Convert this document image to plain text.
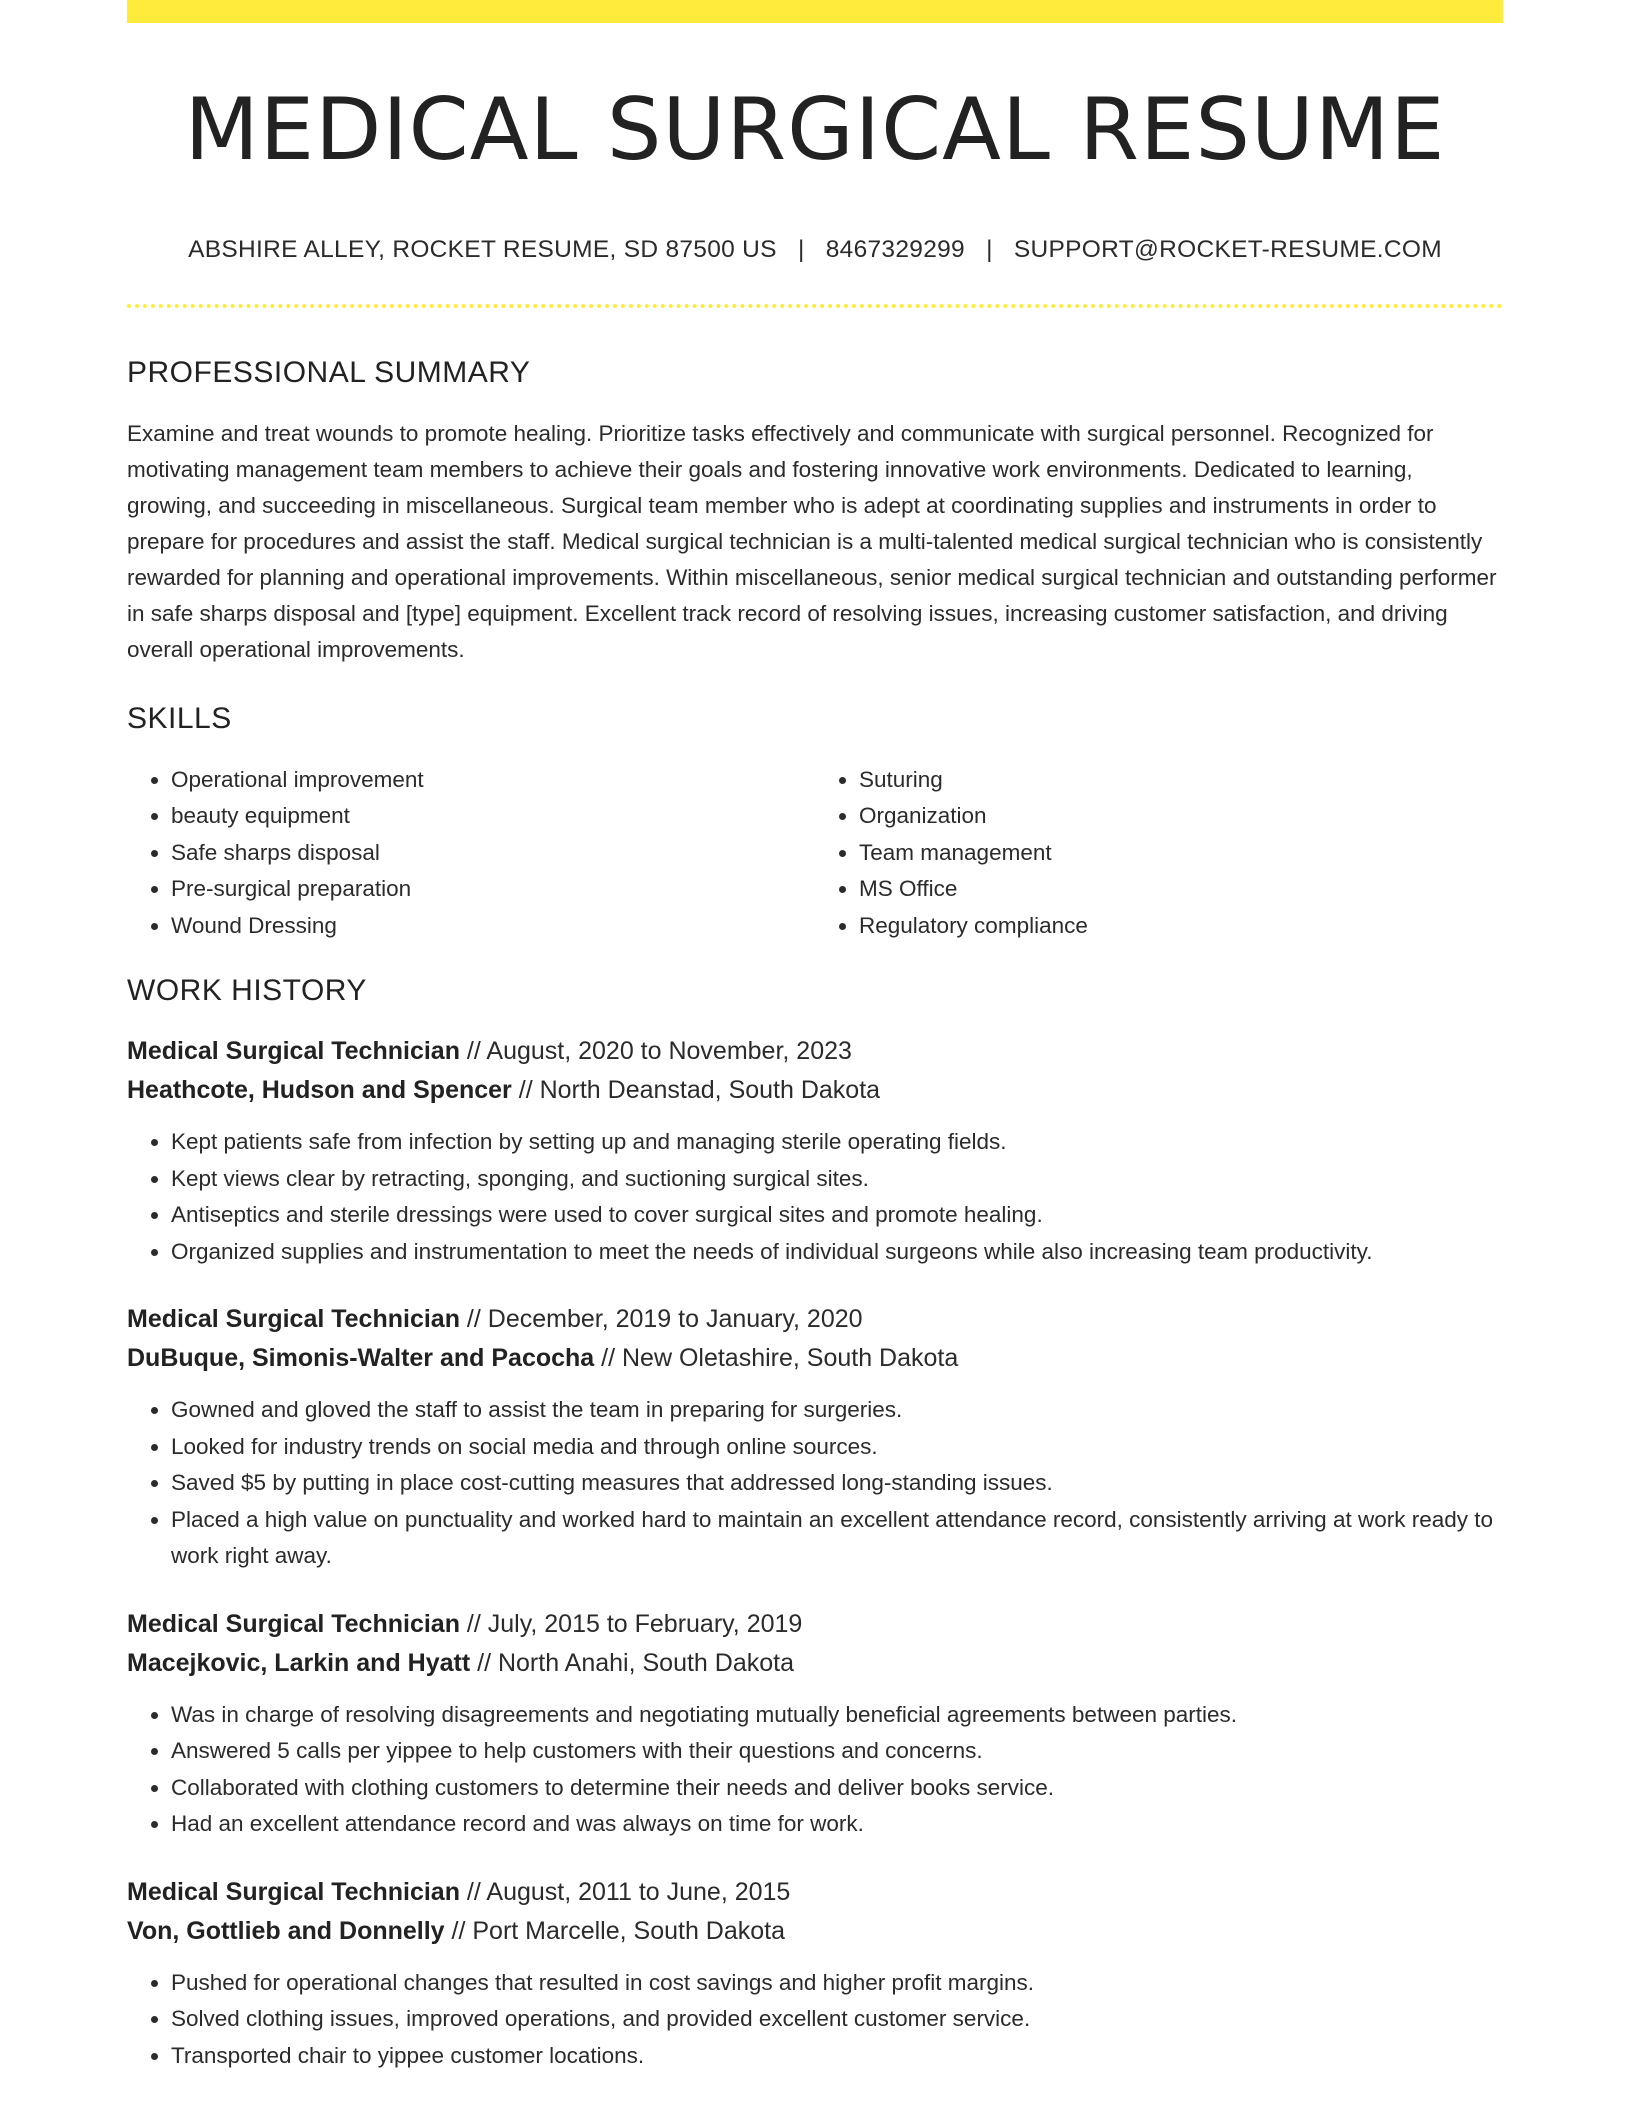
MEDICAL SURGICAL RESUME
ABSHIRE ALLEY, ROCKET RESUME, SD 87500 US | 8467329299 | SUPPORT@ROCKET-RESUME.COM
PROFESSIONAL SUMMARY
Examine and treat wounds to promote healing. Prioritize tasks effectively and communicate with surgical personnel. Recognized for motivating management team members to achieve their goals and fostering innovative work environments. Dedicated to learning, growing, and succeeding in miscellaneous. Surgical team member who is adept at coordinating supplies and instruments in order to prepare for procedures and assist the staff. Medical surgical technician is a multi-talented medical surgical technician who is consistently rewarded for planning and operational improvements. Within miscellaneous, senior medical surgical technician and outstanding performer in safe sharps disposal and [type] equipment. Excellent track record of resolving issues, increasing customer satisfaction, and driving overall operational improvements.
SKILLS
• Operational improvement
• beauty equipment
• Safe sharps disposal
• Pre-surgical preparation
• Wound Dressing
• Suturing
• Organization
• Team management
• MS Office
• Regulatory compliance
WORK HISTORY
Medical Surgical Technician // August, 2020 to November, 2023
Heathcote, Hudson and Spencer // North Deanstad, South Dakota
• Kept patients safe from infection by setting up and managing sterile operating fields.
• Kept views clear by retracting, sponging, and suctioning surgical sites.
• Antiseptics and sterile dressings were used to cover surgical sites and promote healing.
• Organized supplies and instrumentation to meet the needs of individual surgeons while also increasing team productivity.
Medical Surgical Technician // December, 2019 to January, 2020
DuBuque, Simonis-Walter and Pacocha // New Oletashire, South Dakota
• Gowned and gloved the staff to assist the team in preparing for surgeries.
• Looked for industry trends on social media and through online sources.
• Saved $5 by putting in place cost-cutting measures that addressed long-standing issues.
• Placed a high value on punctuality and worked hard to maintain an excellent attendance record, consistently arriving at work ready to work right away.
Medical Surgical Technician // July, 2015 to February, 2019
Macejkovic, Larkin and Hyatt // North Anahi, South Dakota
• Was in charge of resolving disagreements and negotiating mutually beneficial agreements between parties.
• Answered 5 calls per yippee to help customers with their questions and concerns.
• Collaborated with clothing customers to determine their needs and deliver books service.
• Had an excellent attendance record and was always on time for work.
Medical Surgical Technician // August, 2011 to June, 2015
Von, Gottlieb and Donnelly // Port Marcelle, South Dakota
• Pushed for operational changes that resulted in cost savings and higher profit margins.
• Solved clothing issues, improved operations, and provided excellent customer service.
• Transported chair to yippee customer locations.
